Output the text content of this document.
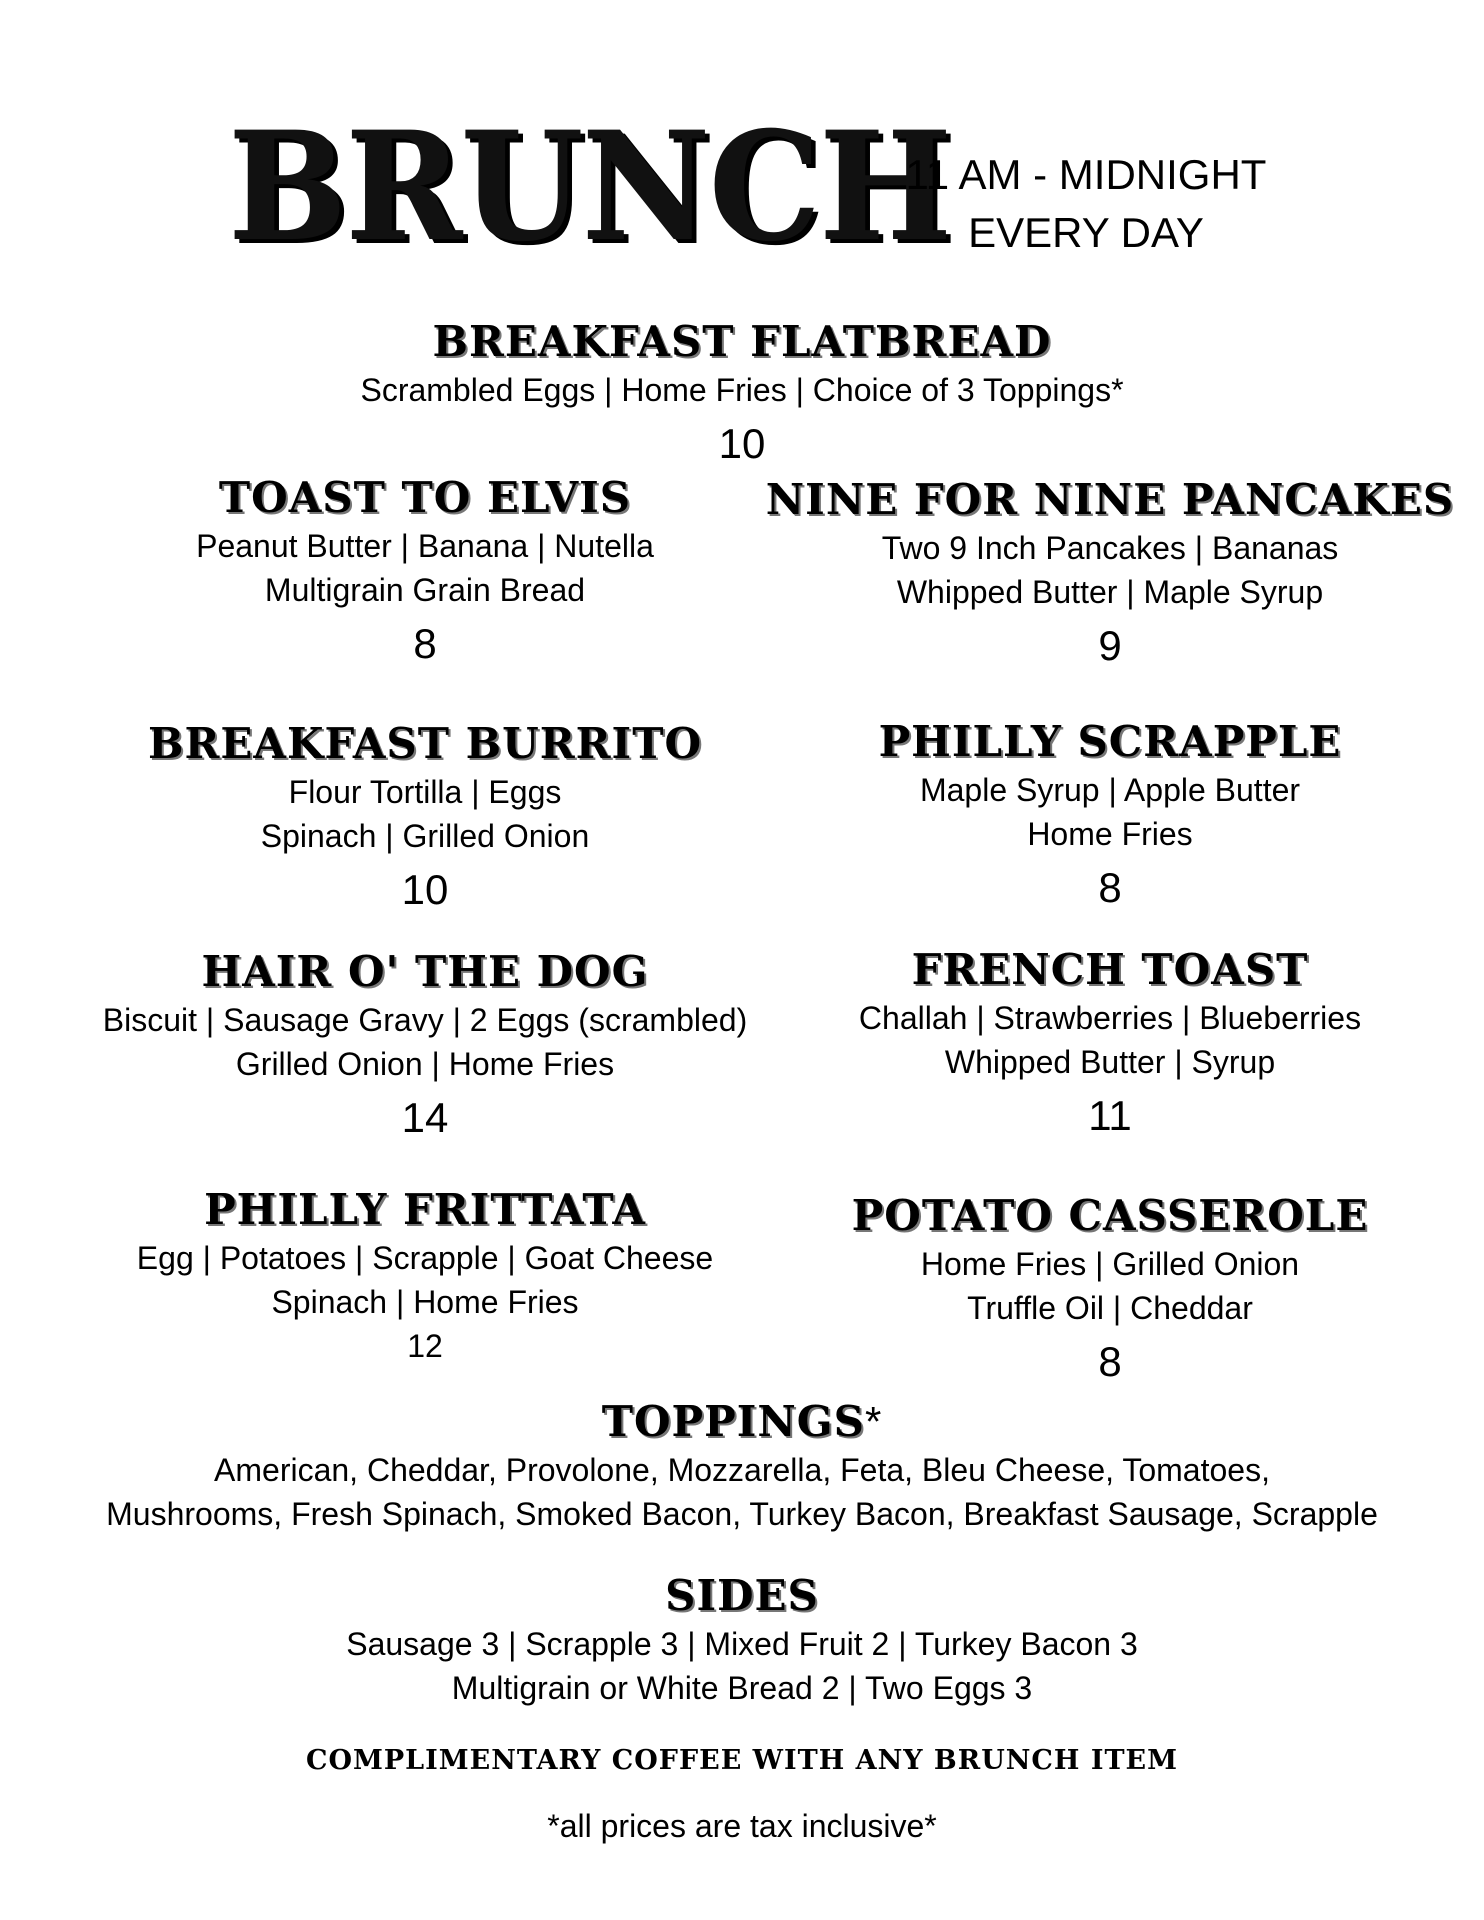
BRUNCH
11 AM - MIDNIGHT
EVERY DAY
BREAKFAST FLATBREAD
Scrambled Eggs | Home Fries | Choice of 3 Toppings*
10
TOAST TO ELVIS
Peanut Butter | Banana | Nutella
Multigrain Grain Bread
8
BREAKFAST BURRITO
Flour Tortilla | Eggs
Spinach | Grilled Onion
10
HAIR O' THE DOG
Biscuit | Sausage Gravy | 2 Eggs (scrambled)
Grilled Onion | Home Fries
14
PHILLY FRITTATA
Egg | Potatoes | Scrapple | Goat Cheese
Spinach | Home Fries
12
NINE FOR NINE PANCAKES
Two 9 Inch Pancakes | Bananas
Whipped Butter | Maple Syrup
9
PHILLY SCRAPPLE
Maple Syrup | Apple Butter
Home Fries
8
FRENCH TOAST
Challah | Strawberries | Blueberries
Whipped Butter | Syrup
11
POTATO CASSEROLE
Home Fries | Grilled Onion
Truffle Oil | Cheddar
8
TOPPINGS*
American, Cheddar, Provolone, Mozzarella, Feta, Bleu Cheese, Tomatoes,
Mushrooms, Fresh Spinach, Smoked Bacon, Turkey Bacon, Breakfast Sausage, Scrapple
SIDES
Sausage 3 | Scrapple 3 | Mixed Fruit 2 | Turkey Bacon 3
Multigrain or White Bread 2 | Two Eggs 3
COMPLIMENTARY COFFEE WITH ANY BRUNCH ITEM
*all prices are tax inclusive*
